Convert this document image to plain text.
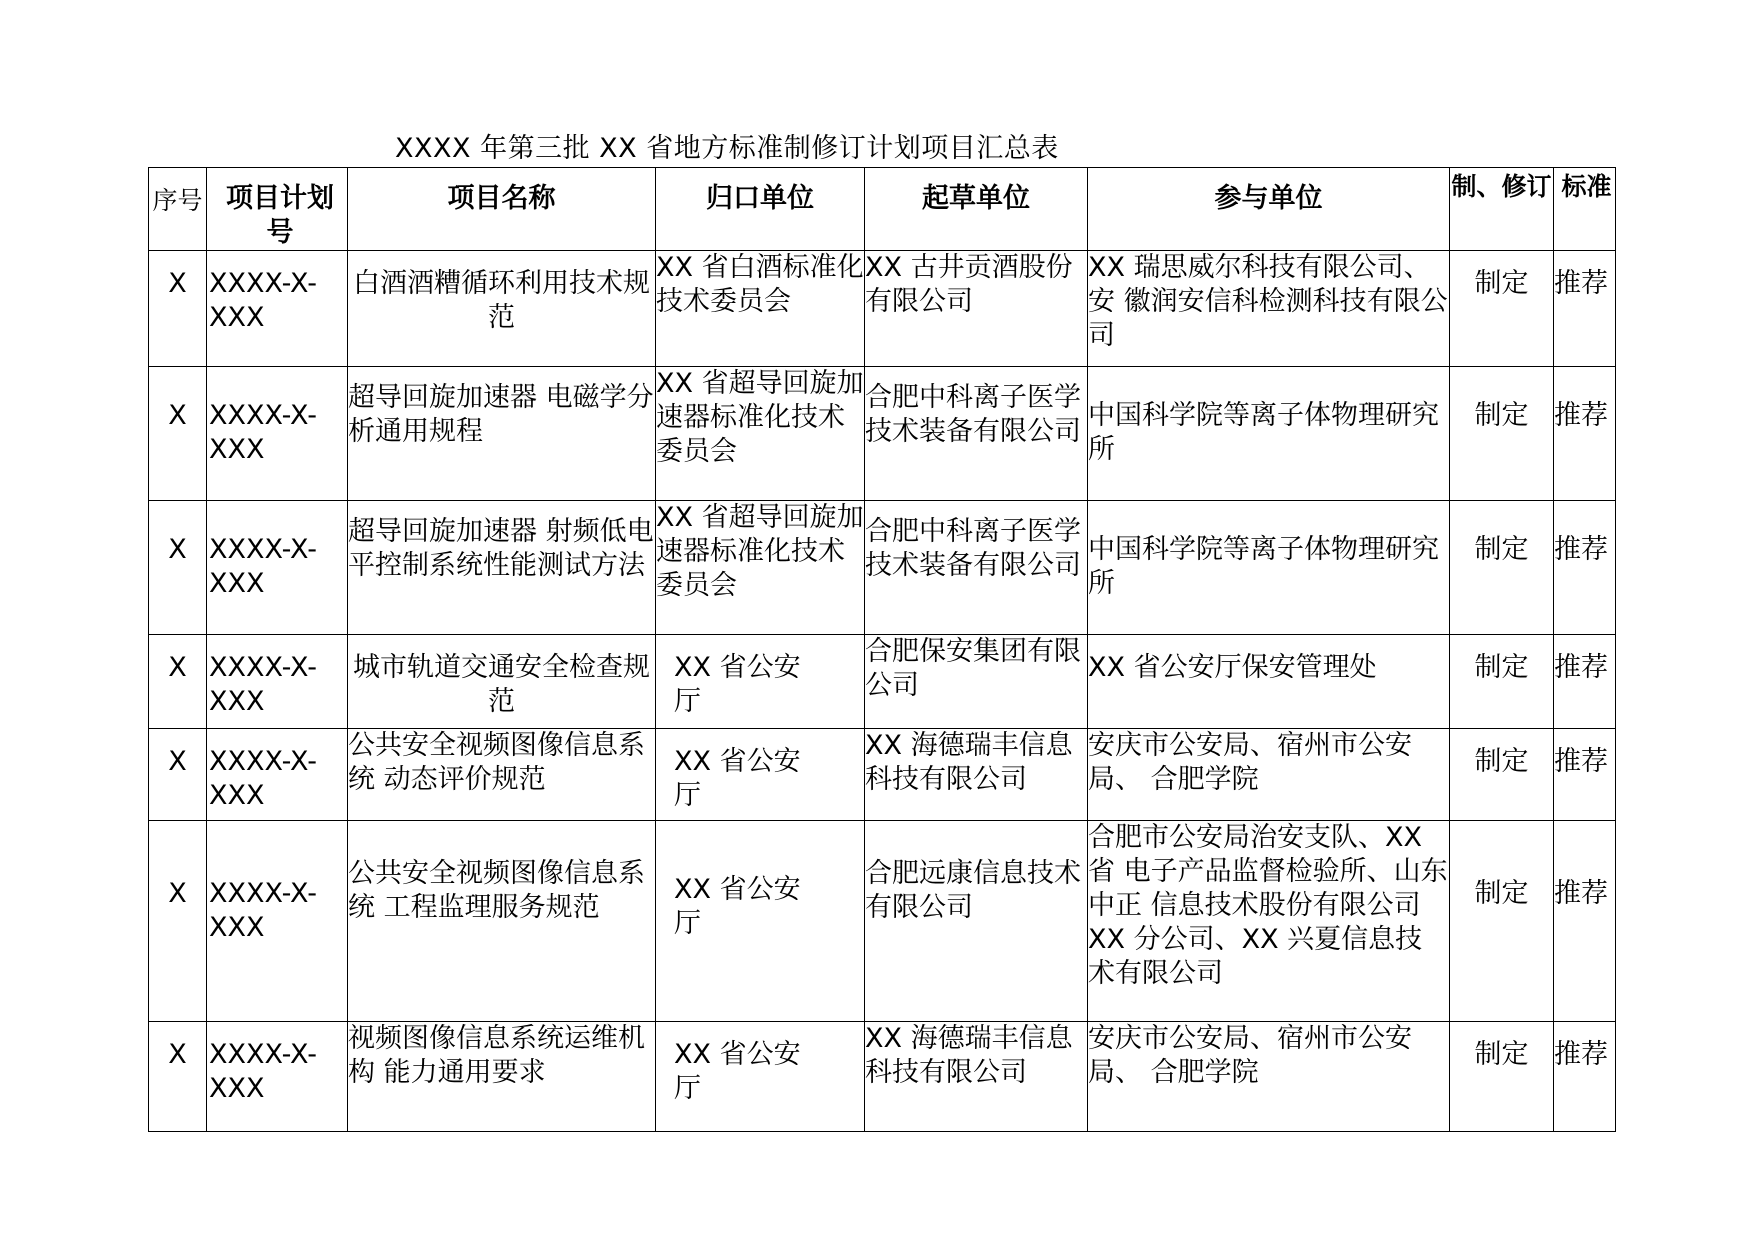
XXXX 年第三批 XX 省地方标准制修订计划项目汇总表
序号	项目计划号	项目名称	归口单位	起草单位	参与单位	制、修订	标准

X	XXXX-X-XXX	白酒酒糟循环利用技术规范	XX 省白酒标准化 技术委员会	XX 古井贡酒股份 有限公司	XX 瑞思威尔科技有限公司、安 徽润安信科检测科技有限公司	制定	推荐

X	XXXX-X-XXX	超导回旋加速器 电磁学分 析通用规程	XX 省超导回旋加 速器标准化技术委员会	合肥中科离子医学 技术装备有限公司	中国科学院等离子体物理研究所	制定	推荐

X	XXXX-X-XXX	超导回旋加速器 射频低电 平控制系统性能测试方法	XX 省超导回旋加 速器标准化技术委员会	合肥中科离子医学 技术装备有限公司	中国科学院等离子体物理研究所	制定	推荐

X	XXXX-X-XXX	城市轨道交通安全检查规范	XX 省公安厅	合肥保安集团有限 公司	XX 省公安厅保安管理处	制定	推荐

X	XXXX-X-XXX	公共安全视频图像信息系统 动态评价规范	XX 省公安厅	XX 海德瑞丰信息 科技有限公司	安庆市公安局、宿州市公安局、 合肥学院	制定	推荐

X	XXXX-X-XXX	公共安全视频图像信息系统 工程监理服务规范	XX 省公安厅	合肥远康信息技术 有限公司	合肥市公安局治安支队、XX 省 电子产品监督检验所、山东中正 信息技术股份有限公司 XX 分公司、XX 兴夏信息技术有限公司	制定	推荐

X	XXXX-X-XXX	视频图像信息系统运维机构 能力通用要求	XX 省公安厅	XX 海德瑞丰信息 科技有限公司	安庆市公安局、宿州市公安局、 合肥学院	制定	推荐
